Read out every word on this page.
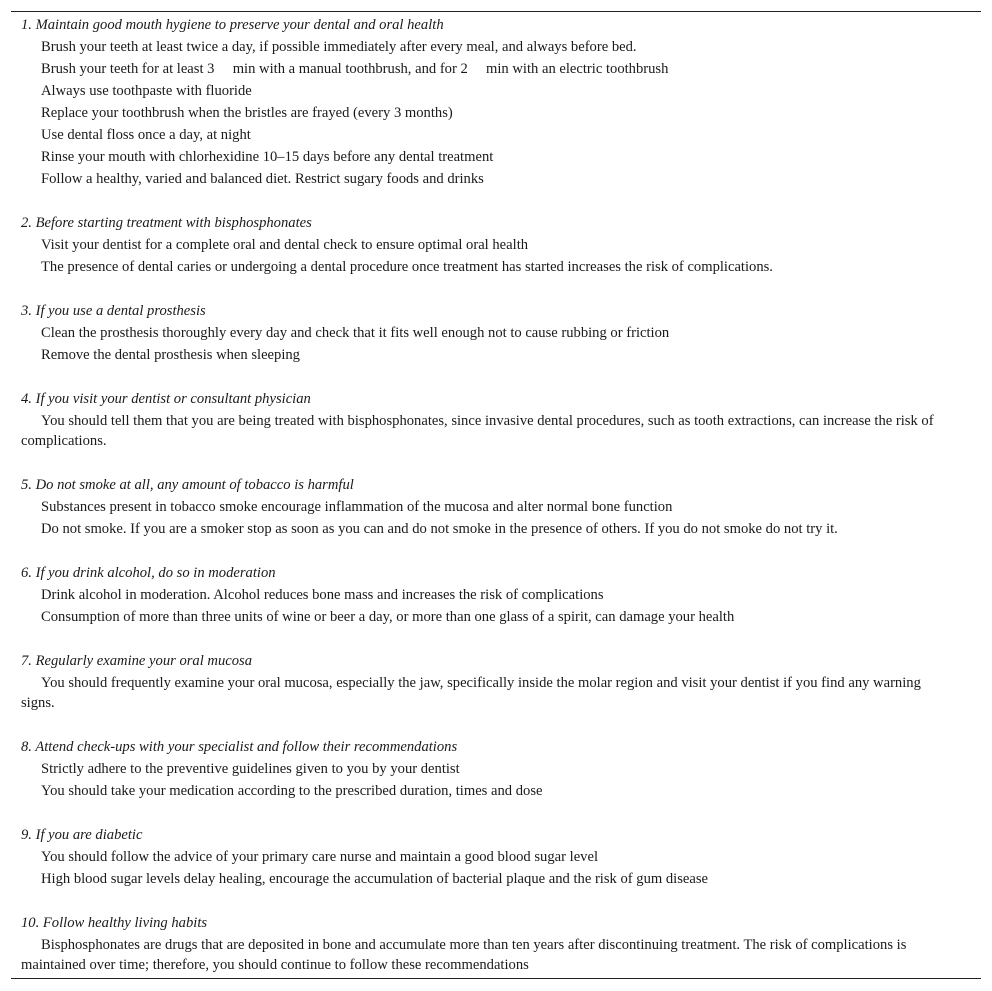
1. Maintain good mouth hygiene to preserve your dental and oral health
Brush your teeth at least twice a day, if possible immediately after every meal, and always before bed.
Brush your teeth for at least 3  min with a manual toothbrush, and for 2  min with an electric toothbrush
Always use toothpaste with fluoride
Replace your toothbrush when the bristles are frayed (every 3 months)
Use dental floss once a day, at night
Rinse your mouth with chlorhexidine 10–15 days before any dental treatment
Follow a healthy, varied and balanced diet. Restrict sugary foods and drinks
2. Before starting treatment with bisphosphonates
Visit your dentist for a complete oral and dental check to ensure optimal oral health
The presence of dental caries or undergoing a dental procedure once treatment has started increases the risk of complications.
3. If you use a dental prosthesis
Clean the prosthesis thoroughly every day and check that it fits well enough not to cause rubbing or friction
Remove the dental prosthesis when sleeping
4. If you visit your dentist or consultant physician
You should tell them that you are being treated with bisphosphonates, since invasive dental procedures, such as tooth extractions, can increase the risk of complications.
5. Do not smoke at all, any amount of tobacco is harmful
Substances present in tobacco smoke encourage inflammation of the mucosa and alter normal bone function
Do not smoke. If you are a smoker stop as soon as you can and do not smoke in the presence of others. If you do not smoke do not try it.
6. If you drink alcohol, do so in moderation
Drink alcohol in moderation. Alcohol reduces bone mass and increases the risk of complications
Consumption of more than three units of wine or beer a day, or more than one glass of a spirit, can damage your health
7. Regularly examine your oral mucosa
You should frequently examine your oral mucosa, especially the jaw, specifically inside the molar region and visit your dentist if you find any warning signs.
8. Attend check-ups with your specialist and follow their recommendations
Strictly adhere to the preventive guidelines given to you by your dentist
You should take your medication according to the prescribed duration, times and dose
9. If you are diabetic
You should follow the advice of your primary care nurse and maintain a good blood sugar level
High blood sugar levels delay healing, encourage the accumulation of bacterial plaque and the risk of gum disease
10. Follow healthy living habits
Bisphosphonates are drugs that are deposited in bone and accumulate more than ten years after discontinuing treatment. The risk of complications is maintained over time; therefore, you should continue to follow these recommendations
